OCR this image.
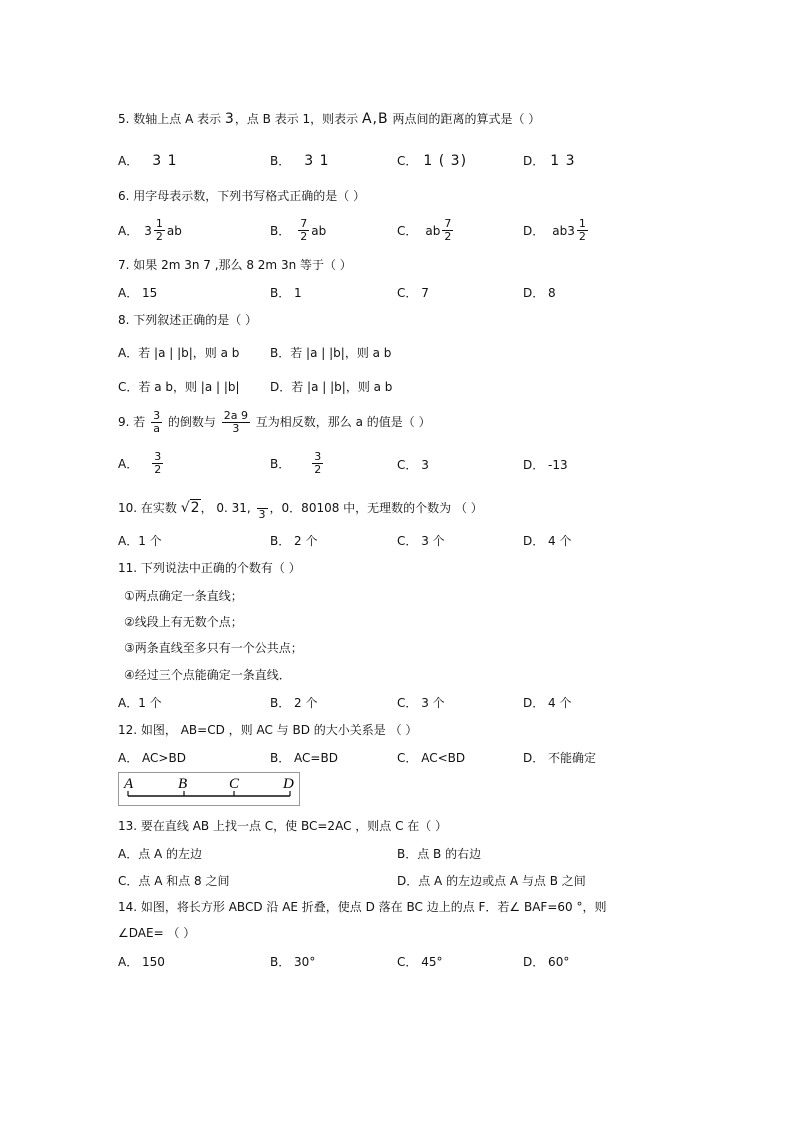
5. 数轴上点 A 表示 3，点 B 表示 1，则表示 A,B 两点间的距离的算式是（ ）
A． 3 1	B． 3 1	C． 1 ( 3)	D． 1 3
6. 用字母表示数，下列书写格式正确的是（ ）
A． $3 \frac{1}{2}$ ab	B． $\frac{7}{2}$ ab	C． ab $\frac{7}{2}$	D． $ab3 \frac{1}{2}$
7. 如果 2m 3n 7 ,那么 8 2m 3n 等于（ ）
A． 15	B． 1	C． 7	D． 8
8. 下列叙述正确的是（ ）
A．若 |a | |b|，则 a b	B．若 |a | |b|，则 a b
C．若 a b，则 |a | |b|	D．若 |a | |b|，则 a b
9. 若 $\frac{3}{a}$ 的倒数与 $\frac{2a 9}{3}$ 互为相反数，那么 a 的值是（ ）
A． $\frac{3}{2}$	B． $\frac{3}{2}$	C． 3	D． -13
10. 在实数 √2， 0. 31,
3 ，0．80108 中，无理数的个数为 （ ）
A．1 个	B． 2 个	C． 3 个	D． 4 个
11. 下列说法中正确的个数有（ ）
①两点确定一条直线；
②线段上有无数个点；
③两条直线至多只有一个公共点；
④经过三个点能确定一条直线．
A．1 个	B． 2 个	C． 3 个	D． 4 个
12. 如图， AB=CD ，则 AC 与 BD 的大小关系是 （ ）
A． AC>BD	B． AC=BD	C． AC<BD	D． 不能确定
A	B	C	D
13. 要在直线 AB 上找一点 C，使 BC=2AC ，则点 C 在（ ）
A．点 A 的左边	B．点 B 的右边
C．点 A 和点 8 之间	D．点 A 的左边或点 A 与点 B 之间
14. 如图，将长方形 ABCD 沿 AE 折叠，使点 D 落在 BC 边上的点 F．若∠ BAF=60 °，则
∠DAE= （ ）
A． 150	B． 30°	C． 45°	D． 60°
